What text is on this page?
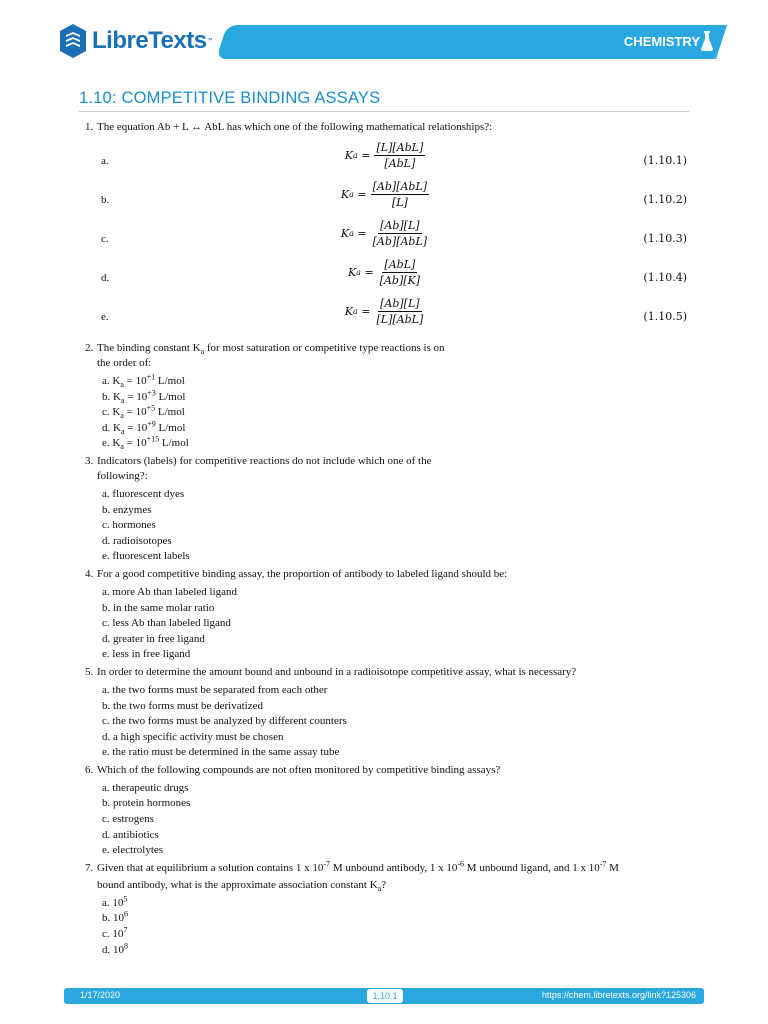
LibreTexts ™	CHEMISTRY
1.10: COMPETITIVE BINDING ASSAYS
1. The equation Ab + L ↔ AbL has which one of the following mathematical relationships?:
a.	K $a = \frac{\text{[L][AbL]}}{\text{[AbL]}}$	(1.10.1)
b.	K $a = \frac{\text{[Ab][AbL]}}{[L]}$	(1.10.2)
c.	K $a = \frac{[Ab][L]}{\text{[Ab][AbL]}}$	(1.10.3)
d.	K $a = \frac{\text{[AbL]}}{[Ab][K]}$	(1.10.4)
e.	K $a = \frac{[Ab][L]}{\text{[L][AbL]}}$	(1.10.5)
2. The binding constant $K_a$ for most saturation or competitive type reactions is on
the order of:
a. $K_a = 10^{+1}$ L/mol
b. $K_a = 10^{+3}$ L/mol
c. $K_a = 10^{+5}$ L/mol
d. $K_a = 10^{+9}$ L/mol
e. $K_a = 10^{+15}$ L/mol
3. Indicators (labels) for competitive reactions do not include which one of the
following?:
a. fluorescent dyes
b. enzymes
c. hormones
d. radioisotopes
e. fluorescent labels
4. For a good competitive binding assay, the proportion of antibody to labeled ligand should be:
a. more Ab than labeled ligand
b. in the same molar ratio
c. less Ab than labeled ligand
d. greater in free ligand
e. less in free ligand
5. In order to determine the amount bound and unbound in a radioisotope competitive assay, what is necessary?
a. the two forms must be separated from each other
b. the two forms must be derivatized
c. the two forms must be analyzed by different counters
d. a high specific activity must be chosen
e. the ratio must be determined in the same assay tube
6. Which of the following compounds are not often monitored by competitive binding assays?
a. therapeutic drugs
b. protein hormones
c. estrogens
d. antibiotics
e. electrolytes
7. Given that at equilibrium a solution contains 1 x $10^{-7}$ M unbound antibody, 1 x $10^{-6}$ M unbound ligand, and 1 x $10^{-7}$ M
bound antibody, what is the approximate association constant $K_a$?
a. $10^5$
b. $10^6$
c. $10^7$
d. $10^8$
1/17/2020	1.10.1	https://chem.libretexts.org/link?125306
